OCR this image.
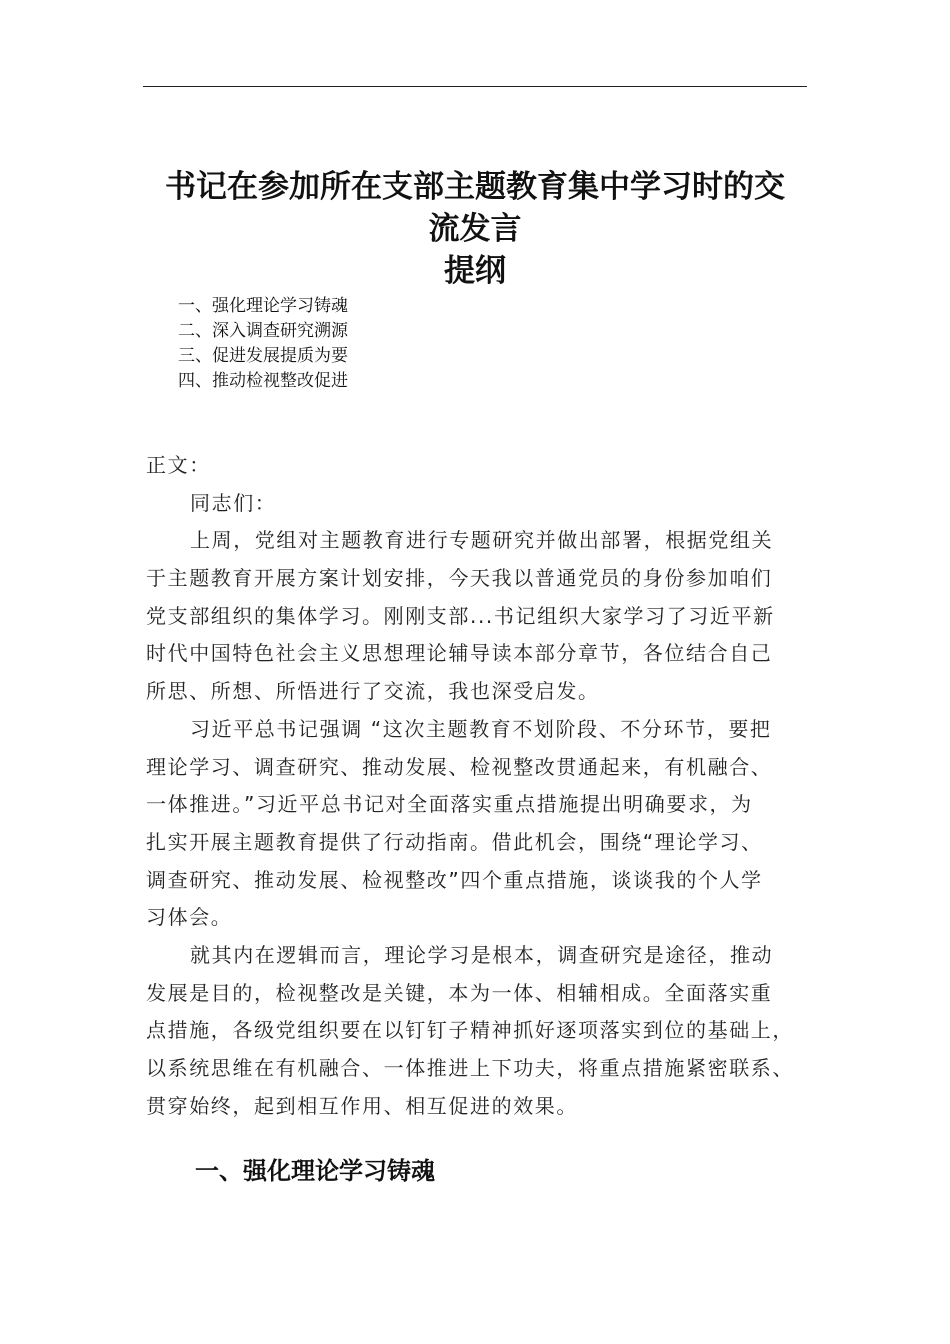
书记在参加所在支部主题教育集中学习时的交
流发言
提纲
一、强化理论学习铸魂
二、深入调查研究溯源
三、促进发展提质为要
四、推动检视整改促进
正文：
同志们：
上周，党组对主题教育进行专题研究并做出部署，根据党组关
于主题教育开展方案计划安排，今天我以普通党员的身份参加咱们
党支部组织的集体学习。刚刚支部...书记组织大家学习了习近平新
时代中国特色社会主义思想理论辅导读本部分章节，各位结合自己
所思、所想、所悟进行了交流，我也深受启发。
习近平总书记强调 “这次主题教育不划阶段、不分环节，要把
理论学习、调查研究、推动发展、检视整改贯通起来，有机融合、
一体推进。”习近平总书记对全面落实重点措施提出明确要求，为
扎实开展主题教育提供了行动指南。借此机会，围绕“理论学习、
调查研究、推动发展、检视整改”四个重点措施，谈谈我的个人学
习体会。
就其内在逻辑而言，理论学习是根本，调查研究是途径，推动
发展是目的，检视整改是关键，本为一体、相辅相成。全面落实重
点措施，各级党组织要在以钉钉子精神抓好逐项落实到位的基础上，
以系统思维在有机融合、一体推进上下功夫，将重点措施紧密联系、
贯穿始终，起到相互作用、相互促进的效果。
一、强化理论学习铸魂
